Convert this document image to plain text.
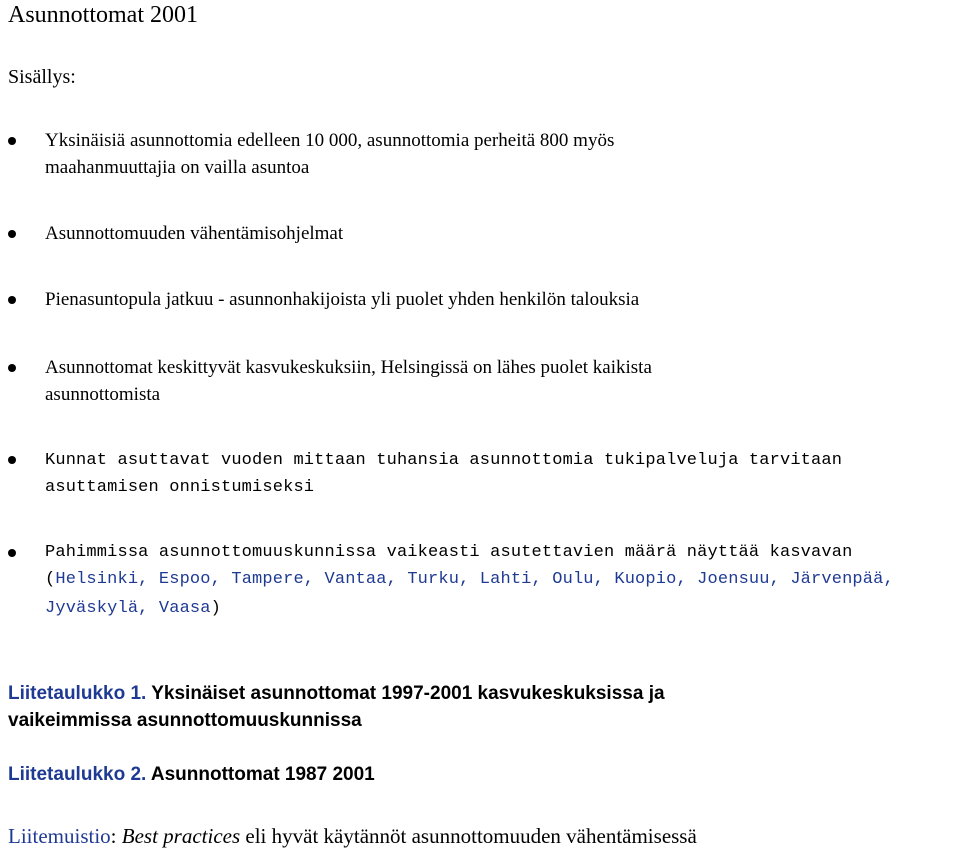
Asunnottomat 2001
Sisällys:
Yksinäisiä asunnottomia edelleen 10 000, asunnottomia perheitä 800 myös
maahanmuuttajia on vailla asuntoa
Asunnottomuuden vähentämisohjelmat
Pienasuntopula jatkuu - asunnonhakijoista yli puolet yhden henkilön talouksia
Asunnottomat keskittyvät kasvukeskuksiin, Helsingissä on lähes puolet kaikista
asunnottomista
Kunnat asuttavat vuoden mittaan tuhansia asunnottomia tukipalveluja tarvitaan
asuttamisen onnistumiseksi
Pahimmissa asunnottomuuskunnissa vaikeasti asutettavien määrä näyttää kasvavan
(Helsinki, Espoo, Tampere, Vantaa, Turku, Lahti, Oulu, Kuopio, Joensuu, Järvenpää,
Jyväskylä, Vaasa)
Liitetaulukko 1. Yksinäiset asunnottomat 1997-2001 kasvukeskuksissa ja
vaikeimmissa asunnottomuuskunnissa
Liitetaulukko 2. Asunnottomat 1987 2001
Liitemuistio: Best practices eli hyvät käytännöt asunnottomuuden vähentämisessä
